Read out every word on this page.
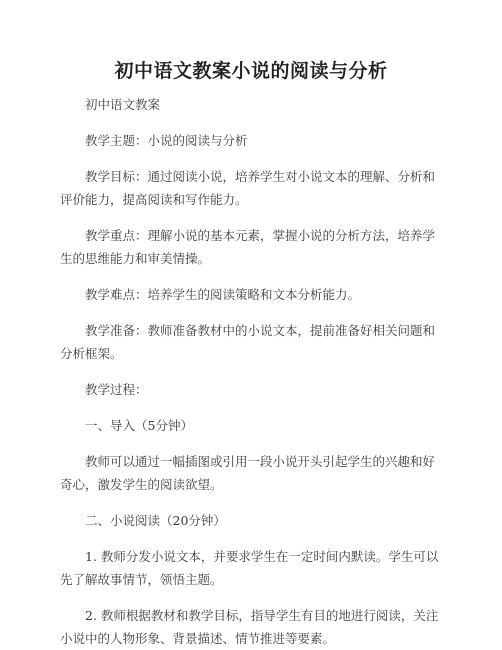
初中语文教案小说的阅读与分析

初中语文教案

教学主题：小说的阅读与分析

教学目标：通过阅读小说，培养学生对小说文本的理解、分析和评价能力，提高阅读和写作能力。

教学重点：理解小说的基本元素，掌握小说的分析方法，培养学生的思维能力和审美情操。

教学难点：培养学生的阅读策略和文本分析能力。

教学准备：教师准备教材中的小说文本，提前准备好相关问题和分析框架。

教学过程：

一、导入（5分钟）

教师可以通过一幅插图或引用一段小说开头引起学生的兴趣和好奇心，激发学生的阅读欲望。

二、小说阅读（20分钟）

1. 教师分发小说文本，并要求学生在一定时间内默读。学生可以先了解故事情节，领悟主题。

2. 教师根据教材和教学目标，指导学生有目的地进行阅读，关注小说中的人物形象、背景描述、情节推进等要素。
